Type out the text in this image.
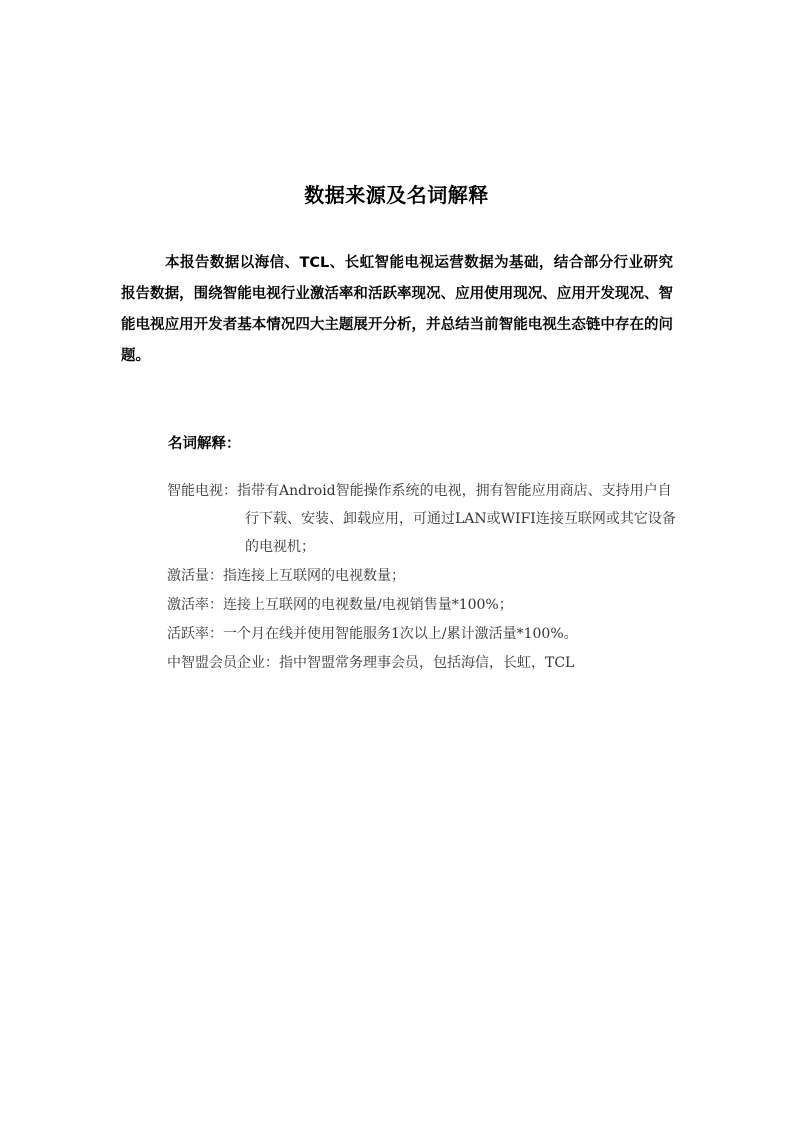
数据来源及名词解释

本报告数据以海信、TCL、长虹智能电视运营数据为基础，结合部分行业研究报告数据，围绕智能电视行业激活率和活跃率现况、应用使用现况、应用开发现况、智能电视应用开发者基本情况四大主题展开分析，并总结当前智能电视生态链中存在的问题。

名词解释：
智能电视：指带有Android智能操作系统的电视，拥有智能应用商店、支持用户自行下载、安装、卸载应用，可通过LAN或WIFI连接互联网或其它设备的电视机；
激活量：指连接上互联网的电视数量；
激活率：连接上互联网的电视数量/电视销售量*100%；
活跃率：一个月在线并使用智能服务1次以上/累计激活量*100%。
中智盟会员企业：指中智盟常务理事会员，包括海信，长虹，TCL
